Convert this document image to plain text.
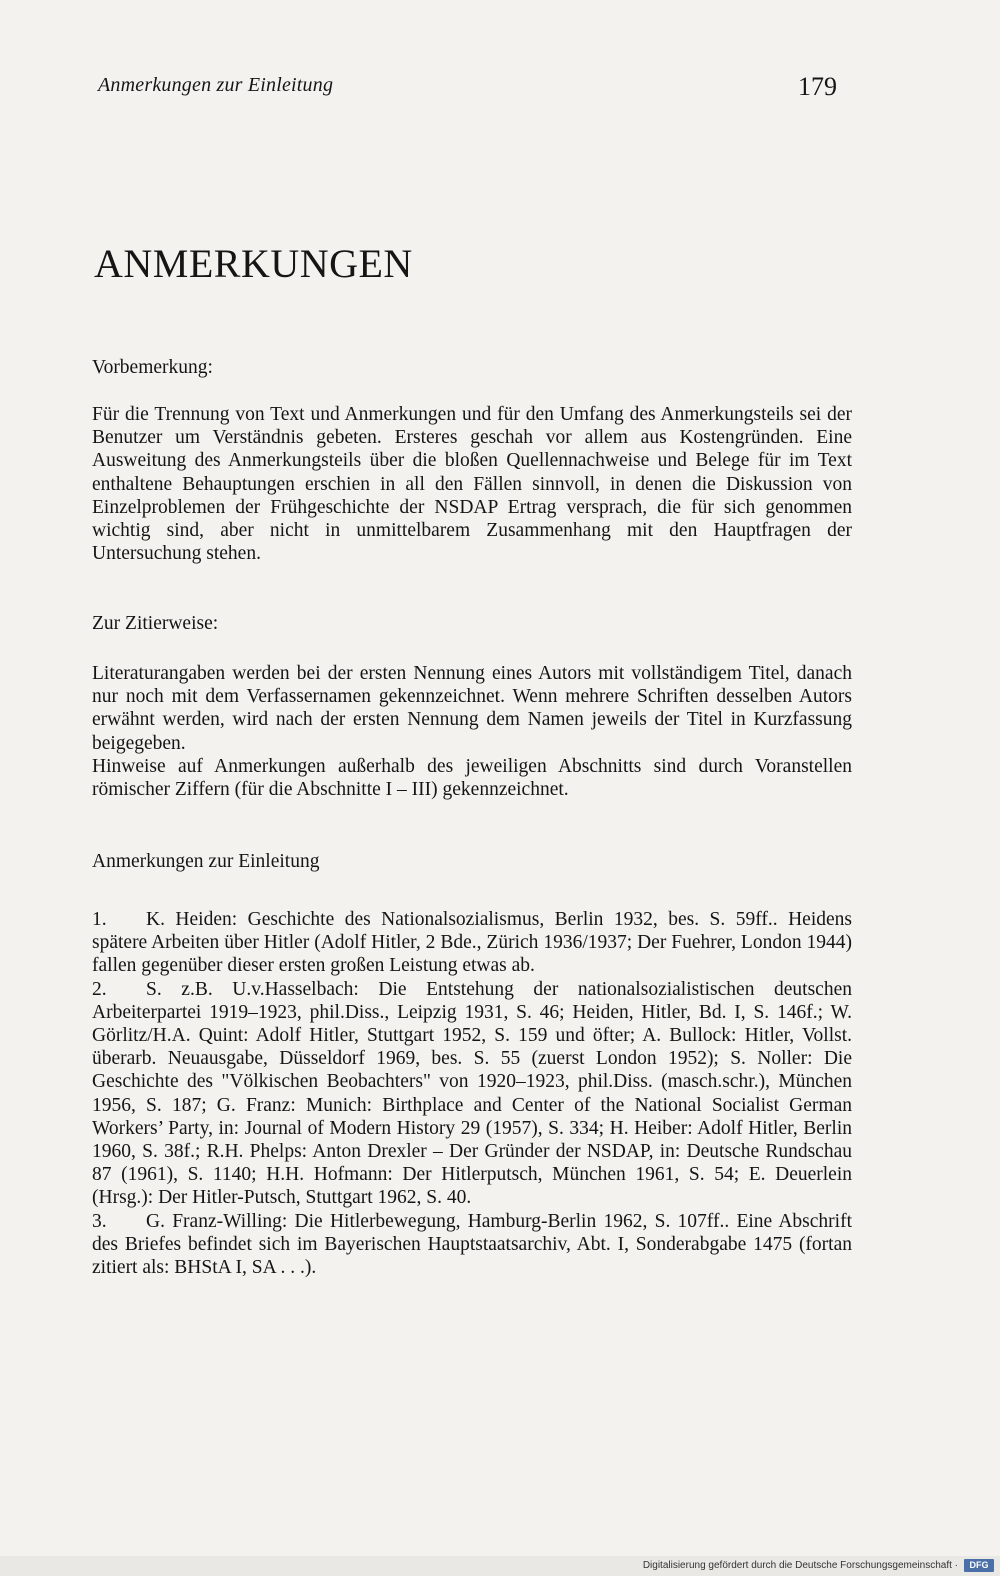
Anmerkungen zur Einleitung	179
ANMERKUNGEN
Vorbemerkung:

Für die Trennung von Text und Anmerkungen und für den Umfang des Anmerkungsteils sei der Benutzer um Verständnis gebeten. Ersteres geschah vor allem aus Kostengründen. Eine Ausweitung des Anmerkungsteils über die bloßen Quellennachweise und Belege für im Text enthaltene Behauptungen erschien in all den Fällen sinnvoll, in denen die Diskussion von Einzelproblemen der Frühgeschichte der NSDAP Ertrag versprach, die für sich genommen wichtig sind, aber nicht in unmittelbarem Zusammenhang mit den Hauptfragen der Untersuchung stehen.

Zur Zitierweise:

Literaturangaben werden bei der ersten Nennung eines Autors mit vollständigem Titel, danach nur noch mit dem Verfassernamen gekennzeichnet. Wenn mehrere Schriften desselben Autors erwähnt werden, wird nach der ersten Nennung dem Namen jeweils der Titel in Kurzfassung beigegeben.

Hinweise auf Anmerkungen außerhalb des jeweiligen Abschnitts sind durch Voranstellen römischer Ziffern (für die Abschnitte I – III) gekennzeichnet.

Anmerkungen zur Einleitung

1. K. Heiden: Geschichte des Nationalsozialismus, Berlin 1932, bes. S. 59ff.. Heidens spätere Arbeiten über Hitler (Adolf Hitler, 2 Bde., Zürich 1936/1937; Der Fuehrer, London 1944) fallen gegenüber dieser ersten großen Leistung etwas ab.

2. S. z.B. U.v.Hasselbach: Die Entstehung der nationalsozialistischen deutschen Arbeiterpartei 1919–1923, phil.Diss., Leipzig 1931, S. 46; Heiden, Hitler, Bd. I, S. 146f.; W. Görlitz/H.A. Quint: Adolf Hitler, Stuttgart 1952, S. 159 und öfter; A. Bullock: Hitler, Vollst. überarb. Neuausgabe, Düsseldorf 1969, bes. S. 55 (zuerst London 1952); S. Noller: Die Geschichte des "Völkischen Beobachters" von 1920–1923, phil.Diss. (masch.schr.), München 1956, S. 187; G. Franz: Munich: Birthplace and Center of the National Socialist German Workers’ Party, in: Journal of Modern History 29 (1957), S. 334; H. Heiber: Adolf Hitler, Berlin 1960, S. 38f.; R.H. Phelps: Anton Drexler – Der Gründer der NSDAP, in: Deutsche Rundschau 87 (1961), S. 1140; H.H. Hofmann: Der Hitlerputsch, München 1961, S. 54; E. Deuerlein (Hrsg.): Der Hitler-Putsch, Stuttgart 1962, S. 40.

3. G. Franz-Willing: Die Hitlerbewegung, Hamburg-Berlin 1962, S. 107ff.. Eine Abschrift des Briefes befindet sich im Bayerischen Hauptstaatsarchiv, Abt. I, Sonderabgabe 1475 (fortan zitiert als: BHStA I, SA . . .).

Digitalisierung gefördert durch die Deutsche Forschungsgemeinschaft ·	DFG
